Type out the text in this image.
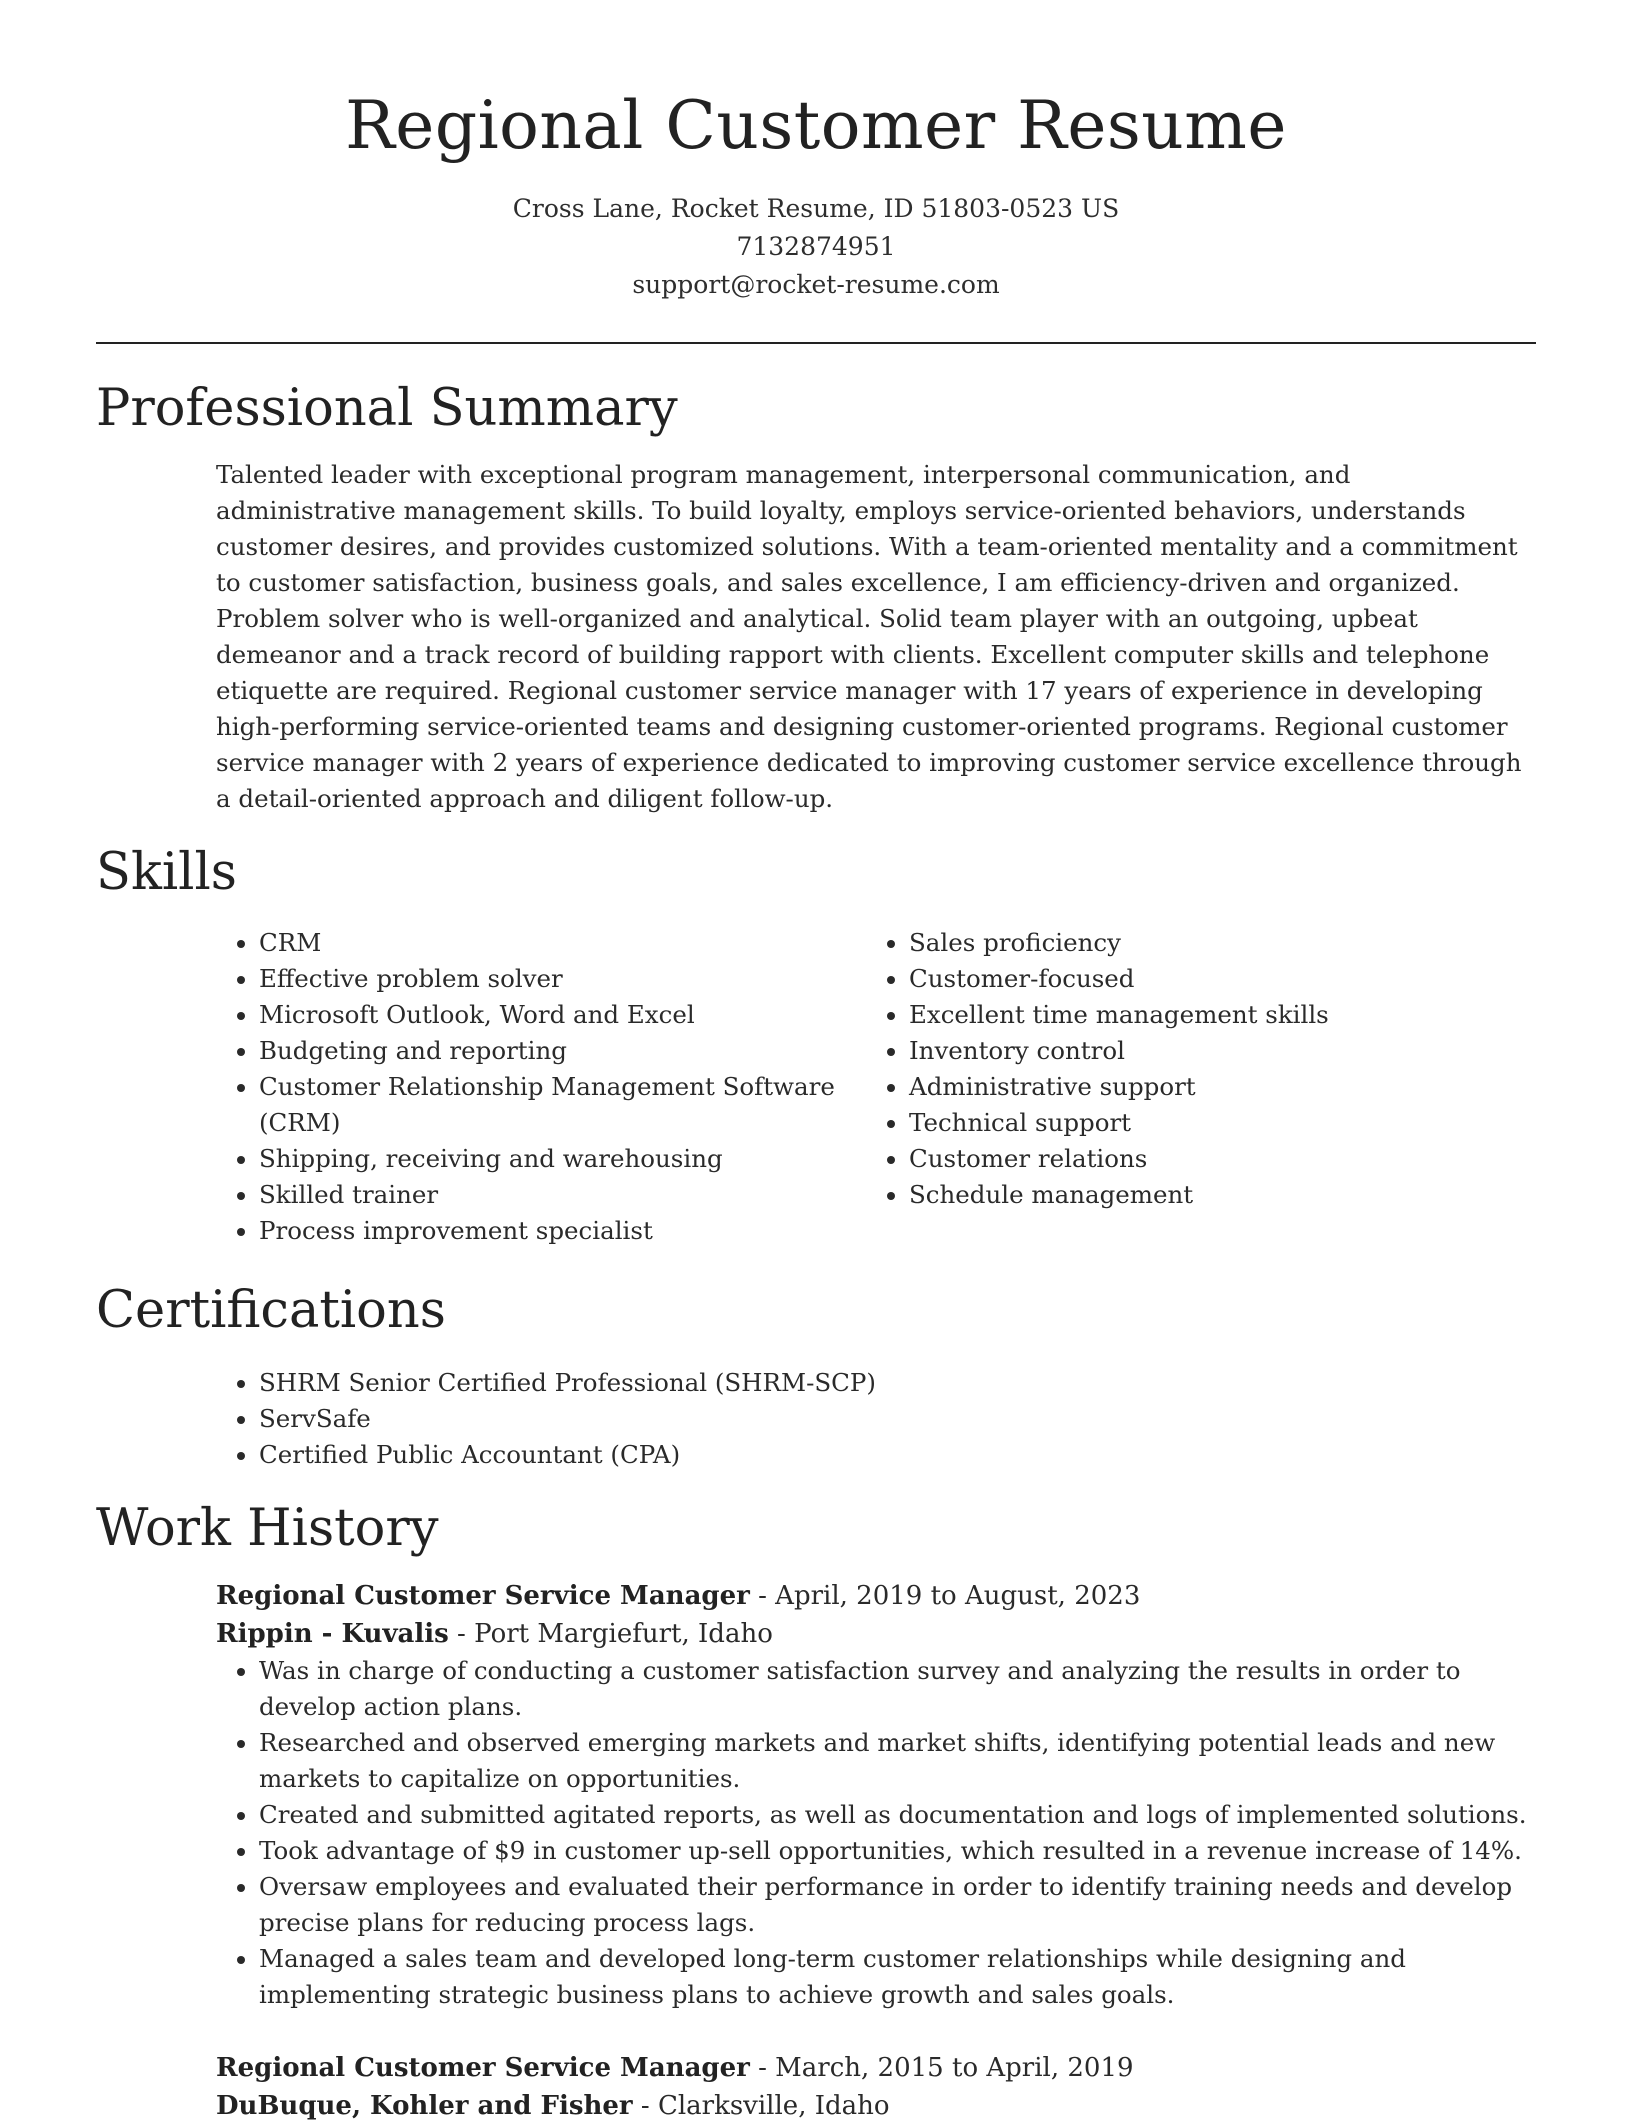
Regional Customer Resume
Cross Lane, Rocket Resume, ID 51803-0523 US
7132874951
support@rocket-resume.com
Professional Summary
Talented leader with exceptional program management, interpersonal communication, and administrative management skills. To build loyalty, employs service-oriented behaviors, understands customer desires, and provides customized solutions. With a team-oriented mentality and a commitment to customer satisfaction, business goals, and sales excellence, I am efficiency-driven and organized. Problem solver who is well-organized and analytical. Solid team player with an outgoing, upbeat demeanor and a track record of building rapport with clients. Excellent computer skills and telephone etiquette are required. Regional customer service manager with 17 years of experience in developing high-performing service-oriented teams and designing customer-oriented programs. Regional customer service manager with 2 years of experience dedicated to improving customer service excellence through a detail-oriented approach and diligent follow-up.
Skills
• CRM
• Effective problem solver
• Microsoft Outlook, Word and Excel
• Budgeting and reporting
• Customer Relationship Management Software (CRM)
• Shipping, receiving and warehousing
• Skilled trainer
• Process improvement specialist
• Sales proficiency
• Customer-focused
• Excellent time management skills
• Inventory control
• Administrative support
• Technical support
• Customer relations
• Schedule management
Certifications
• SHRM Senior Certified Professional (SHRM-SCP)
• ServSafe
• Certified Public Accountant (CPA)
Work History
Regional Customer Service Manager - April, 2019 to August, 2023
Rippin - Kuvalis - Port Margiefurt, Idaho
• Was in charge of conducting a customer satisfaction survey and analyzing the results in order to develop action plans.
• Researched and observed emerging markets and market shifts, identifying potential leads and new markets to capitalize on opportunities.
• Created and submitted agitated reports, as well as documentation and logs of implemented solutions.
• Took advantage of $9 in customer up-sell opportunities, which resulted in a revenue increase of 14%.
• Oversaw employees and evaluated their performance in order to identify training needs and develop precise plans for reducing process lags.
• Managed a sales team and developed long-term customer relationships while designing and implementing strategic business plans to achieve growth and sales goals.
Regional Customer Service Manager - March, 2015 to April, 2019
DuBuque, Kohler and Fisher - Clarksville, Idaho
